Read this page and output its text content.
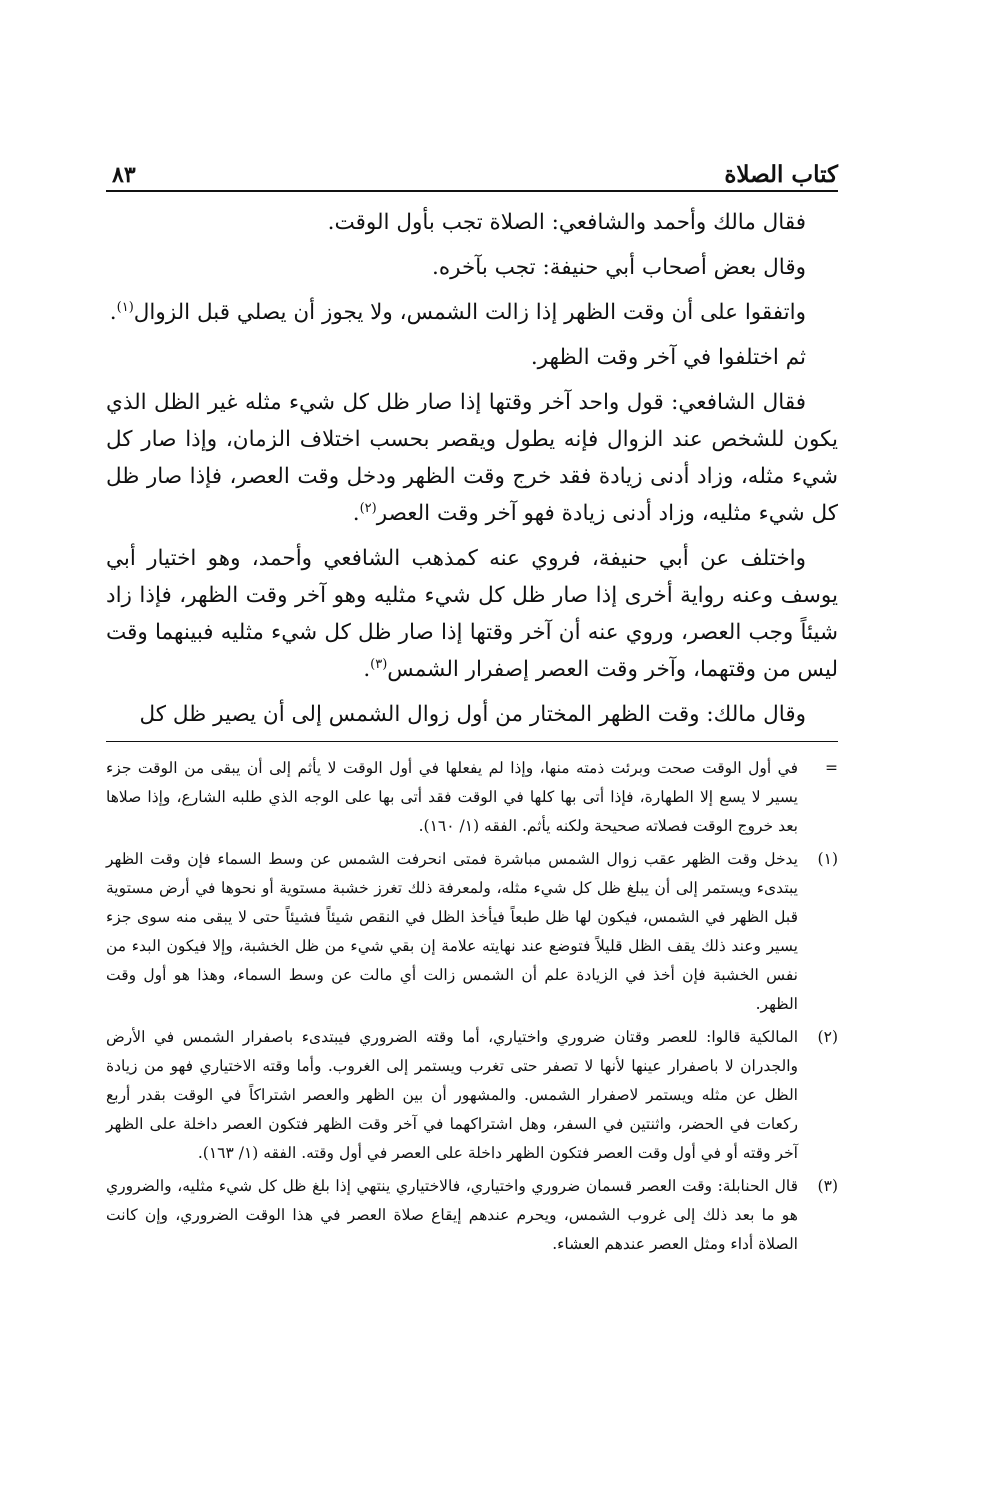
كتاب الصلاة
٨٣

فقال مالك وأحمد والشافعي: الصلاة تجب بأول الوقت.

وقال بعض أصحاب أبي حنيفة: تجب بآخره.

واتفقوا على أن وقت الظهر إذا زالت الشمس، ولا يجوز أن يصلي قبل الزوال$^{(١)}$.

ثم اختلفوا في آخر وقت الظهر.

فقال الشافعي: قول واحد آخر وقتها إذا صار ظل كل شيء مثله غير الظل الذي يكون للشخص عند الزوال فإنه يطول ويقصر بحسب اختلاف الزمان، وإذا صار كل شيء مثله، وزاد أدنى زيادة فقد خرج وقت الظهر ودخل وقت العصر، فإذا صار ظل كل شيء مثليه، وزاد أدنى زيادة فهو آخر وقت العصر$^{(٢)}$.

واختلف عن أبي حنيفة، فروي عنه كمذهب الشافعي وأحمد، وهو اختيار أبي يوسف وعنه رواية أخرى إذا صار ظل كل شيء مثليه وهو آخر وقت الظهر، فإذا زاد شيئاً وجب العصر، وروي عنه أن آخر وقتها إذا صار ظل كل شيء مثليه فبينهما وقت ليس من وقتهما، وآخر وقت العصر إصفرار الشمس$^{(٣)}$.

وقال مالك: وقت الظهر المختار من أول زوال الشمس إلى أن يصير ظل كل

=
في أول الوقت صحت وبرئت ذمته منها، وإذا لم يفعلها في أول الوقت لا يأثم إلى أن يبقى من الوقت جزء يسير لا يسع إلا الطهارة، فإذا أتى بها كلها في الوقت فقد أتى بها على الوجه الذي طلبه الشارع، وإذا صلاها بعد خروج الوقت فصلاته صحيحة ولكنه يأثم. الفقه (١/ ١٦٠).
(١)
يدخل وقت الظهر عقب زوال الشمس مباشرة فمتى انحرفت الشمس عن وسط السماء فإن وقت الظهر يبتدىء ويستمر إلى أن يبلغ ظل كل شيء مثله، ولمعرفة ذلك تغرز خشبة مستوية أو نحوها في أرض مستوية قبل الظهر في الشمس، فيكون لها ظل طبعاً فيأخذ الظل في النقص شيئاً فشيئاً حتى لا يبقى منه سوى جزء يسير وعند ذلك يقف الظل قليلاً فتوضع عند نهايته علامة إن بقي شيء من ظل الخشبة، وإلا فيكون البدء من نفس الخشبة فإن أخذ في الزيادة علم أن الشمس زالت أي مالت عن وسط السماء، وهذا هو أول وقت الظهر.
(٢)
المالكية قالوا: للعصر وقتان ضروري واختياري، أما وقته الضروري فيبتدىء باصفرار الشمس في الأرض والجدران لا باصفرار عينها لأنها لا تصفر حتى تغرب ويستمر إلى الغروب. وأما وقته الاختياري فهو من زيادة الظل عن مثله ويستمر لاصفرار الشمس. والمشهور أن بين الظهر والعصر اشتراكاً في الوقت بقدر أربع ركعات في الحضر، واثنتين في السفر، وهل اشتراكهما في آخر وقت الظهر فتكون العصر داخلة على الظهر آخر وقته أو في أول وقت العصر فتكون الظهر داخلة على العصر في أول وقته. الفقه (١/ ١٦٣).
(٣)
قال الحنابلة: وقت العصر قسمان ضروري واختياري، فالاختياري ينتهي إذا بلغ ظل كل شيء مثليه، والضروري هو ما بعد ذلك إلى غروب الشمس، ويحرم عندهم إيقاع صلاة العصر في هذا الوقت الضروري، وإن كانت الصلاة أداء ومثل العصر عندهم العشاء.
